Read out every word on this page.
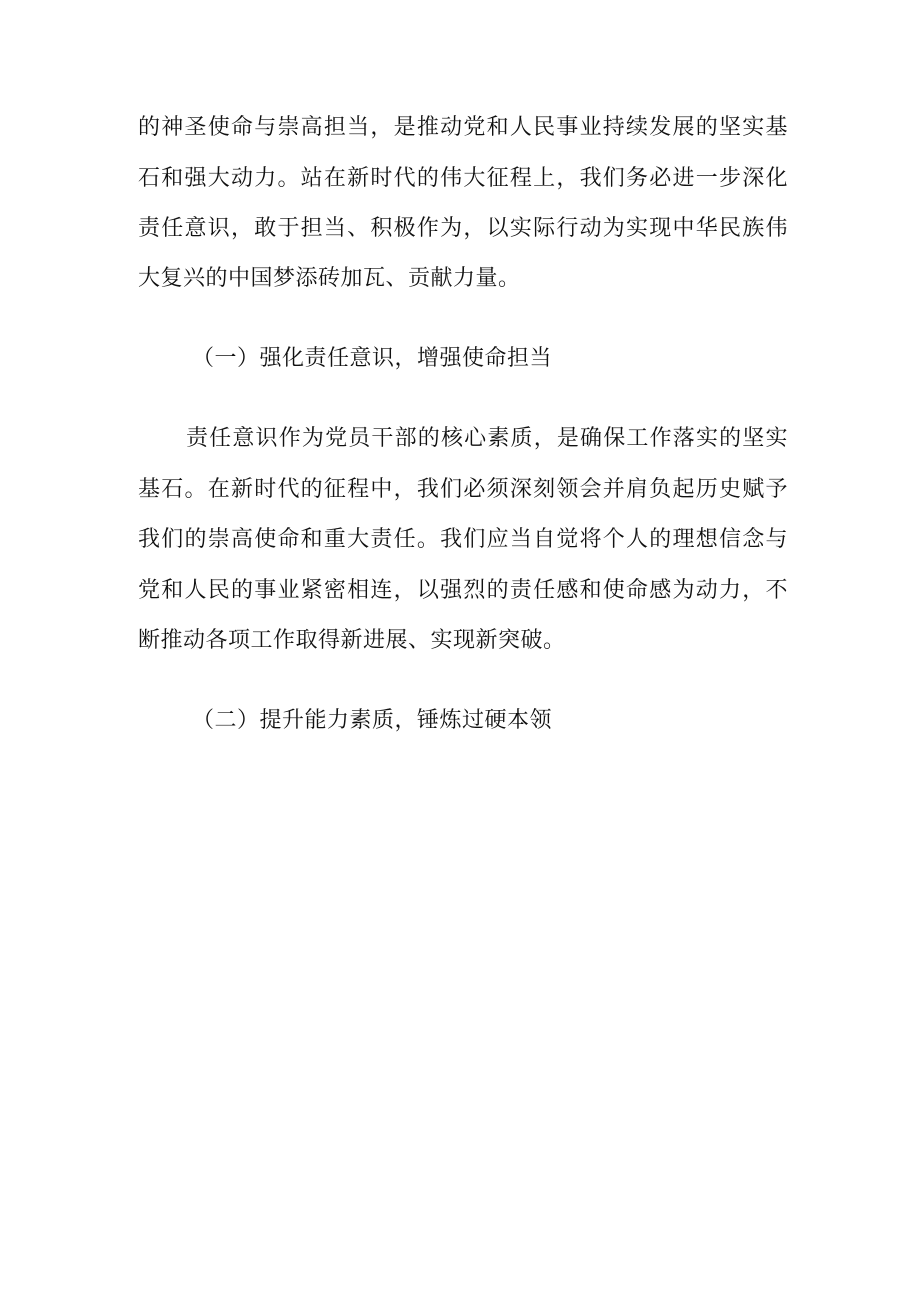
的神圣使命与崇高担当，是推动党和人民事业持续发展的坚实基
石和强大动力。站在新时代的伟大征程上，我们务必进一步深化
责任意识，敢于担当、积极作为，以实际行动为实现中华民族伟
大复兴的中国梦添砖加瓦、贡献力量。
（一）强化责任意识，增强使命担当
责任意识作为党员干部的核心素质，是确保工作落实的坚实
基石。在新时代的征程中，我们必须深刻领会并肩负起历史赋予
我们的崇高使命和重大责任。我们应当自觉将个人的理想信念与
党和人民的事业紧密相连，以强烈的责任感和使命感为动力，不
断推动各项工作取得新进展、实现新突破。
（二）提升能力素质，锤炼过硬本领
